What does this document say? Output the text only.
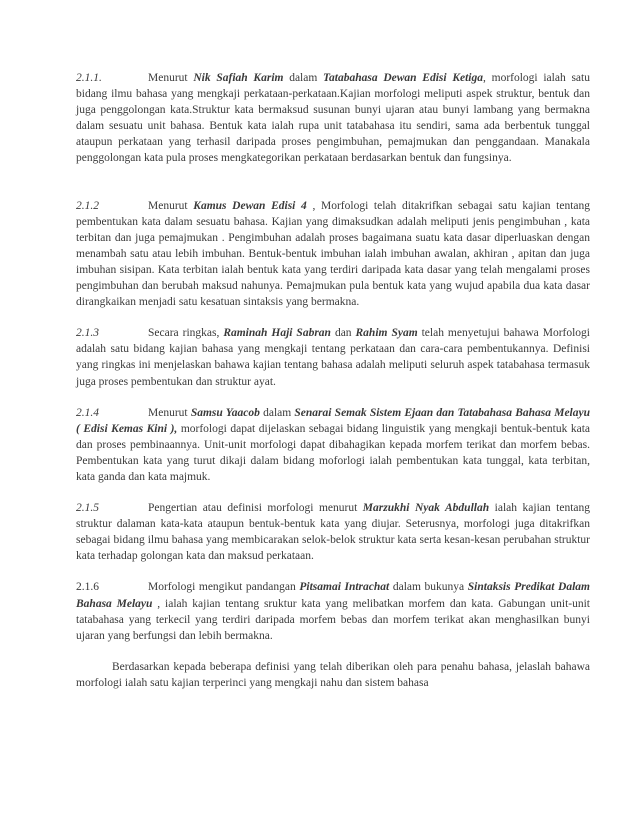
2.1.1.	Menurut Nik Safiah Karim dalam Tatabahasa Dewan Edisi Ketiga, morfologi ialah satu bidang ilmu bahasa yang mengkaji perkataan-perkataan.Kajian morfologi meliputi aspek struktur, bentuk dan juga penggolongan kata.Struktur kata bermaksud susunan bunyi ujaran atau bunyi lambang yang bermakna dalam sesuatu unit bahasa. Bentuk kata ialah rupa unit tatabahasa itu sendiri, sama ada berbentuk tunggal ataupun perkataan yang terhasil daripada proses pengimbuhan, pemajmukan dan penggandaan. Manakala penggolongan kata pula proses mengkategorikan perkataan berdasarkan bentuk dan fungsinya.

2.1.2	Menurut Kamus Dewan Edisi 4 , Morfologi telah ditakrifkan sebagai satu kajian tentang pembentukan kata dalam sesuatu bahasa. Kajian yang dimaksudkan adalah meliputi jenis pengimbuhan , kata terbitan dan juga pemajmukan . Pengimbuhan adalah proses bagaimana suatu kata dasar diperluaskan dengan menambah satu atau lebih imbuhan. Bentuk-bentuk imbuhan ialah imbuhan awalan, akhiran , apitan dan juga imbuhan sisipan. Kata terbitan ialah bentuk kata yang terdiri daripada kata dasar yang telah mengalami proses pengimbuhan dan berubah maksud nahunya. Pemajmukan pula bentuk kata yang wujud apabila dua kata dasar dirangkaikan menjadi satu kesatuan sintaksis yang bermakna.

2.1.3	Secara ringkas, Raminah Haji Sabran dan Rahim Syam telah menyetujui bahawa Morfologi adalah satu bidang kajian bahasa yang mengkaji tentang perkataan dan cara-cara pembentukannya. Definisi yang ringkas ini menjelaskan bahawa kajian tentang bahasa adalah meliputi seluruh aspek tatabahasa termasuk juga proses pembentukan dan struktur ayat.

2.1.4	Menurut Samsu Yaacob dalam Senarai Semak Sistem Ejaan dan Tatabahasa Bahasa Melayu ( Edisi Kemas Kini ), morfologi dapat dijelaskan sebagai bidang linguistik yang mengkaji bentuk-bentuk kata dan proses pembinaannya. Unit-unit morfologi dapat dibahagikan kepada morfem terikat dan morfem bebas. Pembentukan kata yang turut dikaji dalam bidang moforlogi ialah pembentukan kata tunggal, kata terbitan, kata ganda dan kata majmuk.

2.1.5	Pengertian atau definisi morfologi menurut Marzukhi Nyak Abdullah ialah kajian tentang struktur dalaman kata-kata ataupun bentuk-bentuk kata yang diujar. Seterusnya, morfologi juga ditakrifkan sebagai bidang ilmu bahasa yang membicarakan selok-belok struktur kata serta kesan-kesan perubahan struktur kata terhadap golongan kata dan maksud perkataan.

2.1.6	Morfologi mengikut pandangan Pitsamai Intrachat dalam bukunya Sintaksis Predikat Dalam Bahasa Melayu , ialah kajian tentang sruktur kata yang melibatkan morfem dan kata. Gabungan unit-unit tatabahasa yang terkecil yang terdiri daripada morfem bebas dan morfem terikat akan menghasilkan bunyi ujaran yang berfungsi dan lebih bermakna.

Berdasarkan kepada beberapa definisi yang telah diberikan oleh para penahu bahasa, jelaslah bahawa morfologi ialah satu kajian terperinci yang mengkaji nahu dan sistem bahasa
